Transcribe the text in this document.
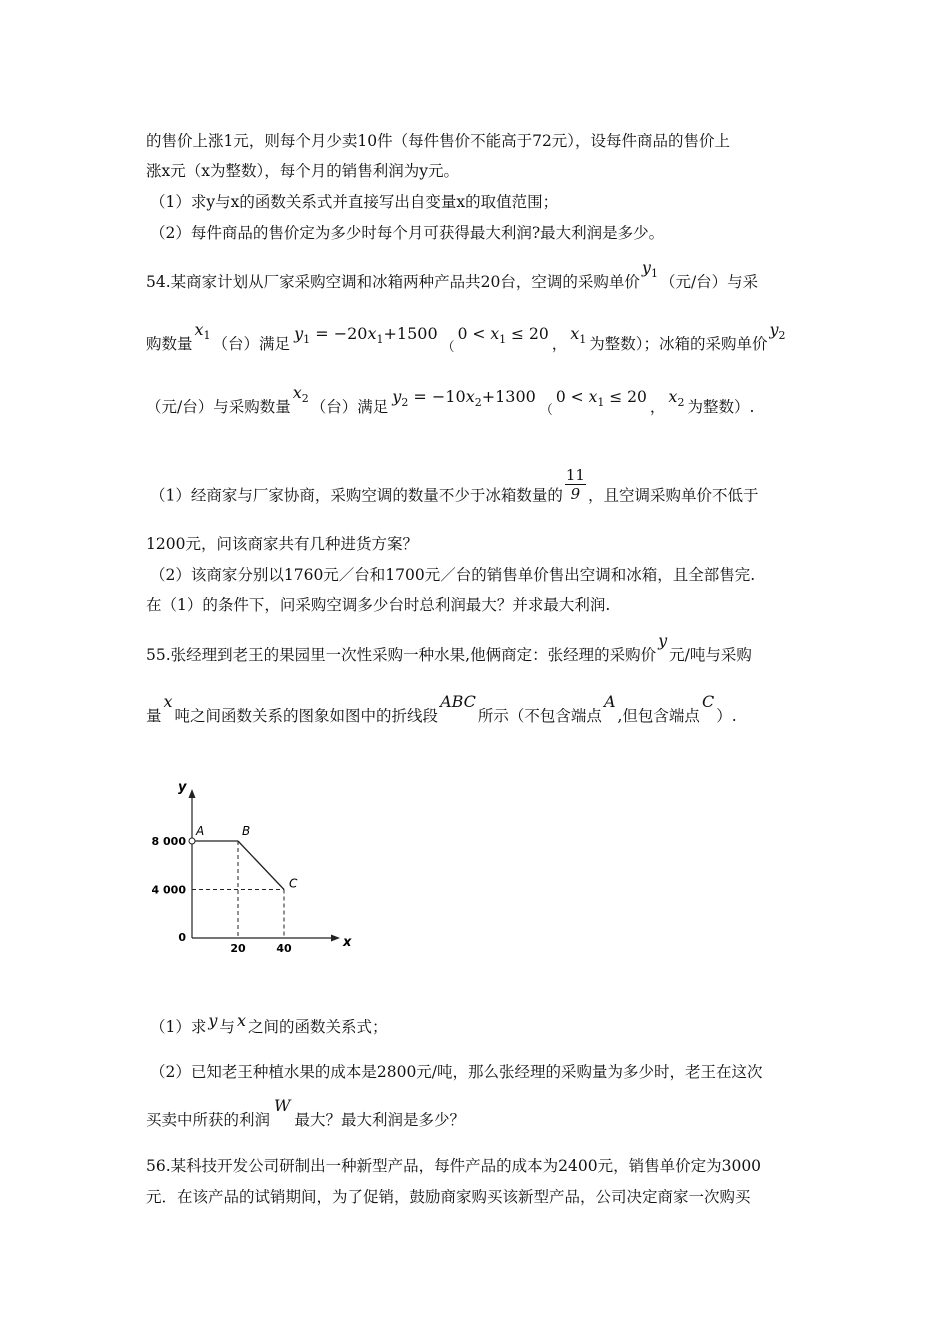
的售价上涨1元，则每个月少卖10件（每件售价不能高于72元），设每件商品的售价上
涨x元（x为整数），每个月的销售利润为y元。
（1）求y与x的函数关系式并直接写出自变量x的取值范围；
（2）每件商品的售价定为多少时每个月可获得最大利润?最大利润是多少。
54.某商家计划从厂家采购空调和冰箱两种产品共20台，空调的采购单价$y_1$ （元/台）与采
购数量$x_1$ （台）满足$y_1 = -20x_1+1500(0 < x_1 \le 20$，$x_1$ 为整数）；冰箱的采购单价$y_2$
（元/台）与采购数量$x_2$ （台）满足$y_2 = -10x_2+1300(0 < x_1 \le 20$，$x_2$ 为整数）.
（1）经商家与厂家协商，采购空调的数量不少于冰箱数量的 $\frac{11}{9}$ ，且空调采购单价不低于
1200元，问该商家共有几种进货方案？
（2）该商家分别以1760元／台和1700元／台的销售单价售出空调和冰箱，且全部售完.
在（1）的条件下，问采购空调多少台时总利润最大？并求最大利润.
55.张经理到老王的果园里一次性采购一种水果,他俩商定：张经理的采购价y元/吨与采购
量x吨之间函数关系的图象如图中的折线段ABC所示（不包含端点A,但包含端点C）.
x
y
A	B
C
4 000
8 000
0
20	40
（1）求 y 与 x 之间的函数关系式；
（2）已知老王种植水果的成本是2800元/吨，那么张经理的采购量为多少时，老王在这次
买卖中所获的利润W最大？最大利润是多少？
56.某科技开发公司研制出一种新型产品，每件产品的成本为2400元，销售单价定为3000
元．在该产品的试销期间，为了促销，鼓励商家购买该新型产品，公司决定商家一次购买
